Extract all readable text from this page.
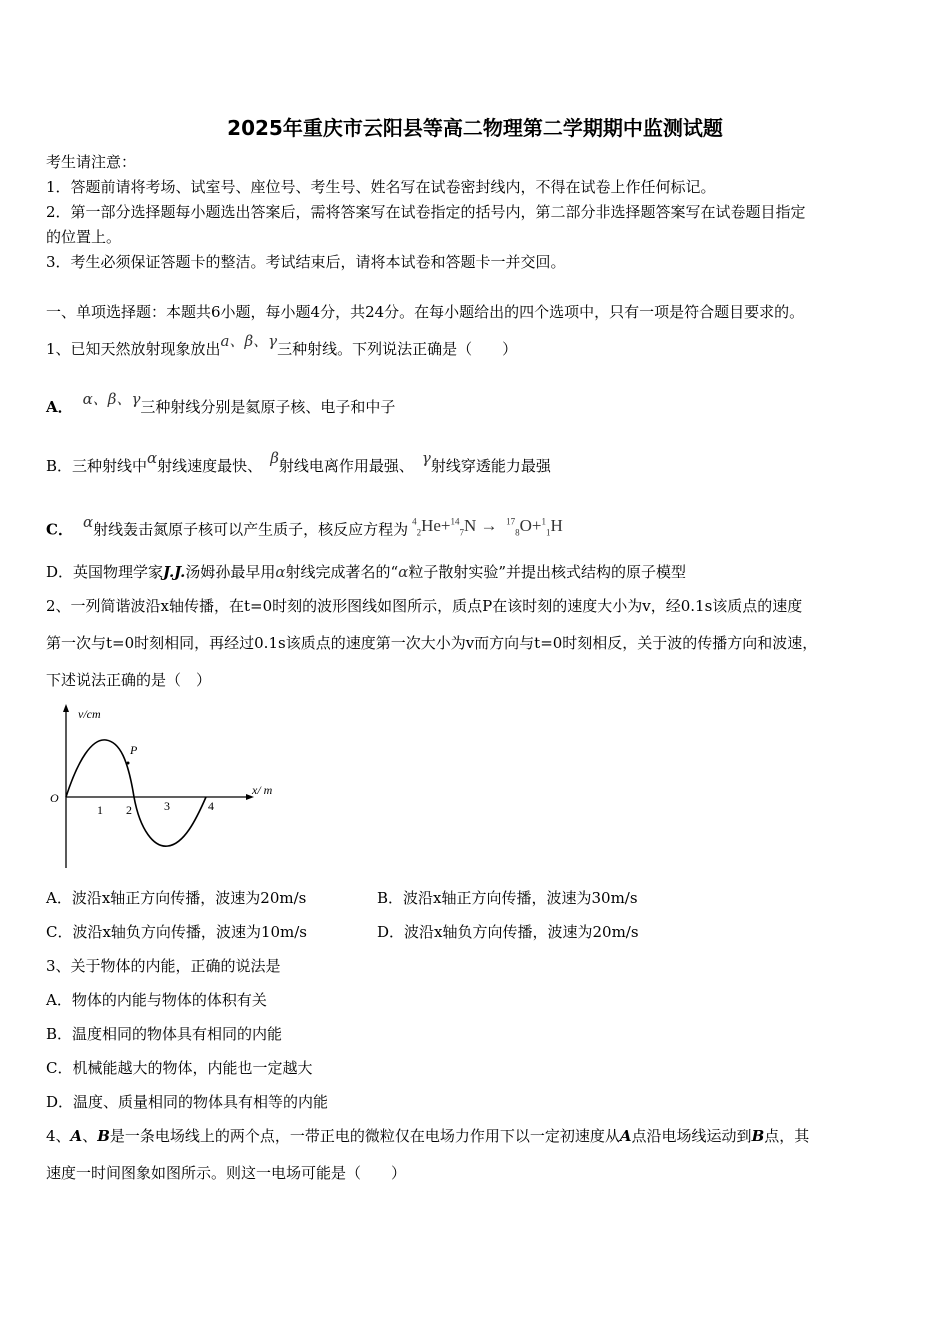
2025年重庆市云阳县等高二物理第二学期期中监测试题
考生请注意：
1．答题前请将考场、试室号、座位号、考生号、姓名写在试卷密封线内，不得在试卷上作任何标记。
2．第一部分选择题每小题选出答案后，需将答案写在试卷指定的括号内，第二部分非选择题答案写在试卷题目指定
的位置上。
3．考生必须保证答题卡的整洁。考试结束后，请将本试卷和答题卡一并交回。
一、单项选择题：本题共6小题，每小题4分，共24分。在每小题给出的四个选项中，只有一项是符合题目要求的。
1、已知天然放射现象放出a、β、γ三种射线。下列说法正确是（　　）
A． α、β、γ三种射线分别是氦原子核、电子和中子
B．三种射线中α射线速度最快、 β射线电离作用最强、 γ射线穿透能力最强
C． α射线轰击氮原子核可以产生质子，核反应方程为 $^4_2$He+$^{14}_7$N → $^{17}_8$O+$^1_1$H
D．英国物理学家J.J.汤姆孙最早用α射线完成著名的“α粒子散射实验”并提出核式结构的原子模型
2、一列简谐波沿x轴传播，在t=0时刻的波形图线如图所示，质点P在该时刻的速度大小为v，经0.1s该质点的速度
第一次与t=0时刻相同，再经过0.1s该质点的速度第一次大小为v而方向与t=0时刻相反，关于波的传播方向和波速，
下述说法正确的是（　）
v/cm
x/ m
O
P
1 2	3	4
A．波沿x轴正方向传播，波速为20m/s	B．波沿x轴正方向传播，波速为30m/s
C．波沿x轴负方向传播，波速为10m/s	D．波沿x轴负方向传播，波速为20m/s
3、关于物体的内能，正确的说法是
A．物体的内能与物体的体积有关
B．温度相同的物体具有相同的内能
C．机械能越大的物体，内能也一定越大
D．温度、质量相同的物体具有相等的内能
4、A、B是一条电场线上的两个点，一带正电的微粒仅在电场力作用下以一定初速度从A点沿电场线运动到B点，其
速度一时间图象如图所示。则这一电场可能是（　　）
